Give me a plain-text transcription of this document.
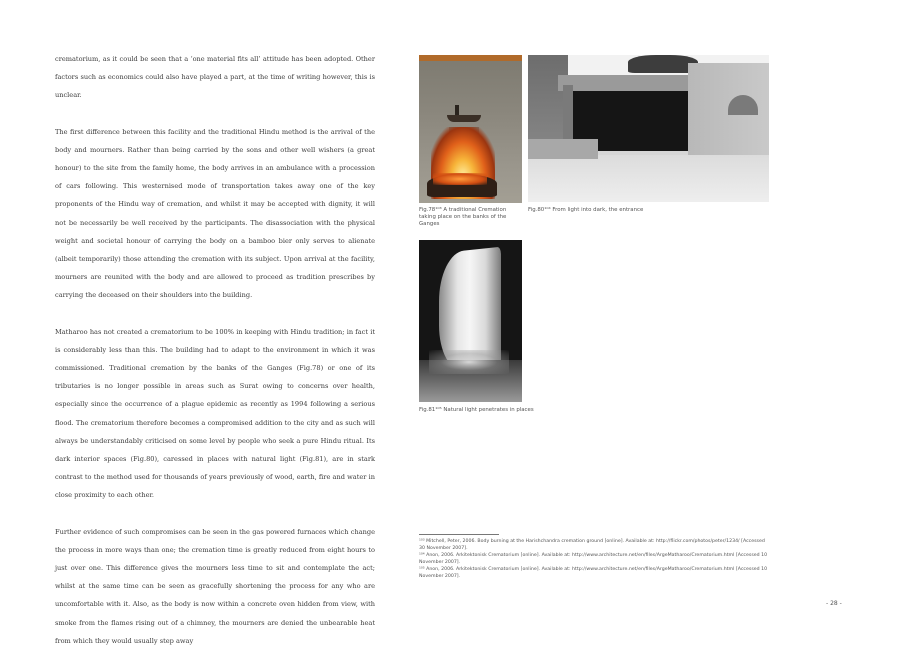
crematorium, as it could be seen that a ‘one material fits all’ attitude has been adopted. Other factors such as economics could also have played a part, at the time of writing however, this is unclear.

The first difference between this facility and the traditional Hindu method is the arrival of the body and mourners. Rather than being carried by the sons and other well wishers (a great honour) to the site from the family home, the body arrives in an ambulance with a procession of cars following. This westernised mode of transportation takes away one of the key proponents of the Hindu way of cremation, and whilst it may be accepted with dignity, it will not be necessarily be well received by the participants. The disassociation with the physical weight and societal honour of carrying the body on a bamboo bier only serves to alienate (albeit temporarily) those attending the cremation with its subject. Upon arrival at the facility, mourners are reunited with the body and are allowed to proceed as tradition prescribes by carrying the deceased on their shoulders into the building.

Matharoo has not created a crematorium to be 100% in keeping with Hindu tradition; in fact it is considerably less than this. The building had to adapt to the environment in which it was commissioned. Traditional cremation by the banks of the Ganges (Fig.78) or one of its tributaries is no longer possible in areas such as Surat owing to concerns over health, especially since the occurrence of a plague epidemic as recently as 1994 following a serious flood. The crematorium therefore becomes a compromised addition to the city and as such will always be understandably criticised on some level by people who seek a pure Hindu ritual. Its dark interior spaces (Fig.80), caressed in places with natural light (Fig.81), are in stark contrast to the method used for thousands of years previously of wood, earth, fire and water in close proximity to each other.

Further evidence of such compromises can be seen in the gas powered furnaces which change the process in more ways than one; the cremation time is greatly reduced from eight hours to just over one. This difference gives the mourners less time to sit and contemplate the act; whilst at the same time can be seen as gracefully shortening the process for any who are uncomfortable with it. Also, as the body is now within a concrete oven hidden from view, with smoke from the flames rising out of a chimney, the mourners are denied the unbearable heat from which they would usually step away

Fig.78¹⁰³ A traditional Cremation taking place on the banks of the Ganges
Fig.80¹⁰⁴ From light into dark, the entrance
Fig.81¹⁰⁵ Natural light penetrates in places

¹⁰³ Mitchell, Peter, 2006. Body burning at the Harishchandra cremation ground [online]. Available at: http://flickr.com/photos/peter/1234/ [Accessed 30 November 2007].

¹⁰⁴ Anon, 2006. Arkitektonisk Crematorium [online]. Available at: http://www.architecture.net/en/files/ArgeMatharoo/Crematorium.html [Accessed 10 November 2007].

¹⁰⁵ Anon, 2006. Arkitektonisk Crematorium [online]. Available at: http://www.architecture.net/en/files/ArgeMatharoo/Crematorium.html [Accessed 10 November 2007].

- 28 -
